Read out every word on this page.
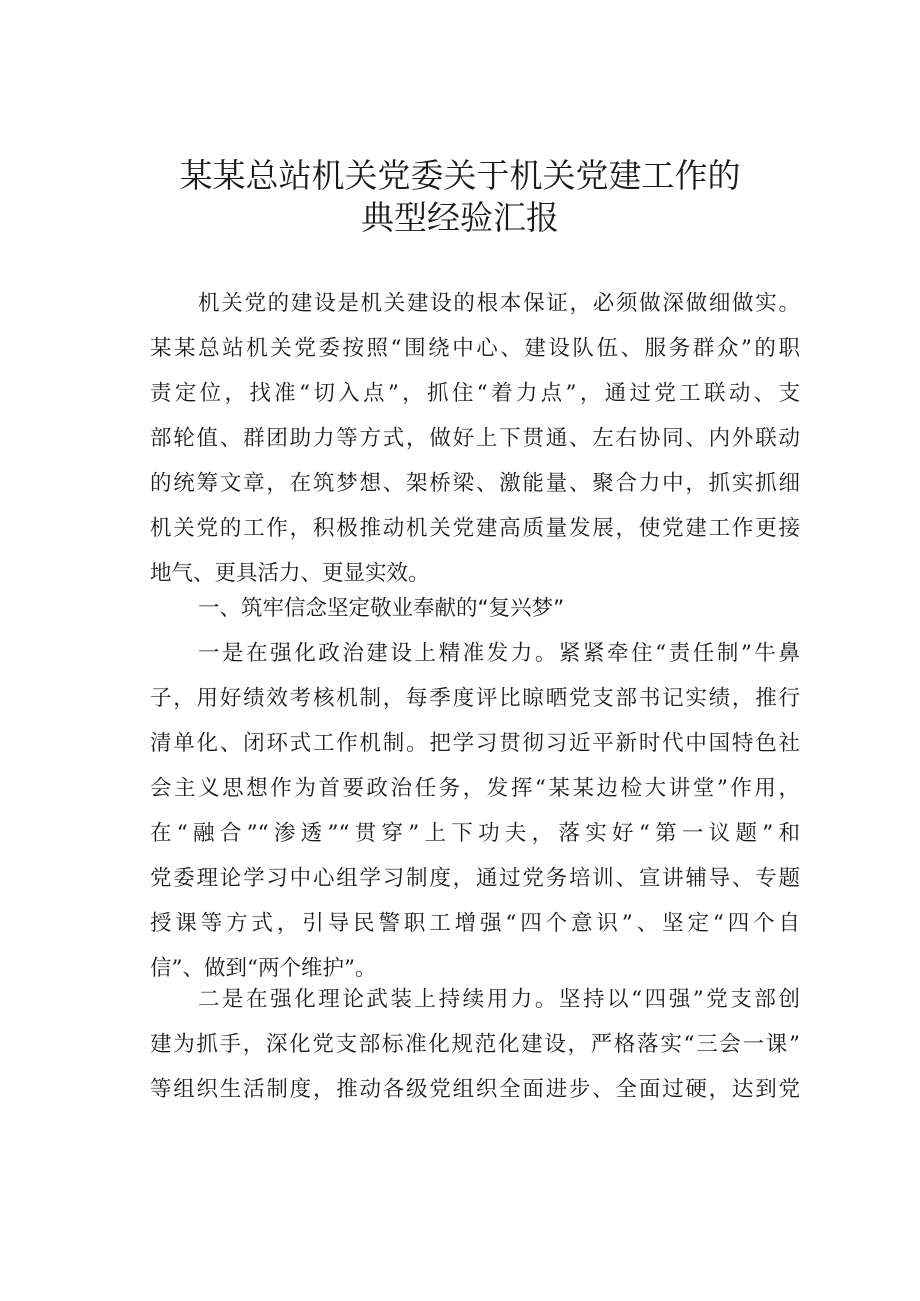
某某总站机关党委关于机关党建工作的
典型经验汇报
机关党的建设是机关建设的根本保证，必须做深做细做实。
某某总站机关党委按照“围绕中心、建设队伍、服务群众”的职
责定位，找准“切入点”，抓住“着力点”，通过党工联动、支
部轮值、群团助力等方式，做好上下贯通、左右协同、内外联动
的统筹文章，在筑梦想、架桥梁、激能量、聚合力中，抓实抓细
机关党的工作，积极推动机关党建高质量发展，使党建工作更接
地气、更具活力、更显实效。
一、筑牢信念坚定敬业奉献的“复兴梦”
一是在强化政治建设上精准发力。紧紧牵住“责任制”牛鼻
子，用好绩效考核机制，每季度评比晾晒党支部书记实绩，推行
清单化、闭环式工作机制。把学习贯彻习近平新时代中国特色社
会主义思想作为首要政治任务，发挥“某某边检大讲堂”作用，
在“融合”“渗透”“贯穿”上下功夫，落实好“第一议题”和
党委理论学习中心组学习制度，通过党务培训、宣讲辅导、专题
授课等方式，引导民警职工增强“四个意识”、坚定“四个自
信”、做到“两个维护”。
二是在强化理论武装上持续用力。坚持以“四强”党支部创
建为抓手，深化党支部标准化规范化建设，严格落实“三会一课”
等组织生活制度，推动各级党组织全面进步、全面过硬，达到党
